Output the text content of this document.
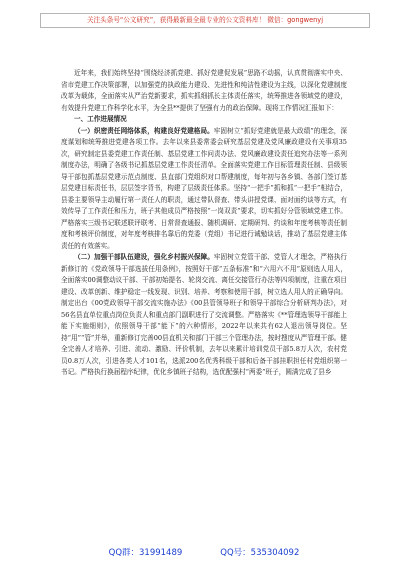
关注头条号“公文研究”，获得最新最全最专业的公文资料库！ 微信：gongwenyj

近年来，我们始终坚持“围绕经济抓党建、抓好党建促发展”思路不动摇，认真贯彻落实中央、省市党建工作决策部署，以加强党的执政能力建设、先进性和纯洁性建设为主线，以深化党建制度改革为载体，全面落实从严治党新要求，抓实抓细抓长主体责任落实，统筹推进各领域党的建设，有效提升党建工作科学化水平，为全县**提供了坚强有力的政治保障。现将工作情况汇报如下：

一、工作进展情况

（一）织密责任网络体系，构建良好党建格局。牢固树立“抓好党建就是最大政绩”的理念，深度谋划和统筹推进党建各项工作。去年以来县委常委会研究基层党建及党风廉政建设有关事项35次，研究制定县委党建工作责任制、基层党建工作问责办法、党风廉政建设责任追究办法等一系列制度办法，明确了各级书记抓基层党建工作责任清单。全面落实党建工作目标管理责任制、县级领导干部包抓基层党建示范点制度、县直部门党组织对口帮建制度，每年初与各乡镇、各部门签订基层党建目标责任书，层层签字背书，构建了层级责任体系。坚持“一把手”抓和抓“一把手”相结合，县委主要领导主动履行第一责任人的职责，通过带队督查、带头讲授党课、面对面约谈等方式，有效传导了工作责任和压力，班子其他成员严格按照“一岗双责”要求，切实抓好分管领域党建工作。严格落实三级书记联述联评联考、日常督查通报、随机调研、定期研判、约谈和年度考核等责任制度和考核评价制度，对年度考核排名靠后的党委（党组）书记进行诫勉谈话，推动了基层党建主体责任的有效落实。

（二）加强干部队伍建设，强化乡村振兴保障。牢固树立党管干部、党管人才理念，严格执行新修订的《党政领导干部选拔任用条例》，按照好干部“五条标准”和“六用六不用”原则选人用人，全面落实00调整动议干部、干部初始提名、轮岗交流、离任交接管行办法等四项制度，注重在项目建设、改革创新、维护稳定一线发现、识别、培养、考察和使用干部，树立选人用人的正确导向。制定出台《00党政领导干部交流实施办法》《00县管领导班子和领导干部综合分析研判办法》，对56名县直单位重点岗位负责人和重点部门副职进行了交流调整。严格落实《**管理选领导干部能上能下实施细则》，依照领导干部“能下”的六种情形，2022年以来共有62人退出领导岗位。坚持“用”“管”并举，重新修订完善00县直机关和部门干部三个管理办法，按时搜度从严管理干部。健全完善人才培养、引进、流动、激励、评价机制，去年以来累计培训党员干部5.8万人次，农村党员0.8万人次，引进各类人才101名，选派200名优秀科级干部和后备干部挂职担任村党组织第一书记。严格执行换届程序纪律，优化乡镇班子结构，选优配强村“两委”班子，圆满完成了县乡

QQ群：31991489	QQ号：535304092
